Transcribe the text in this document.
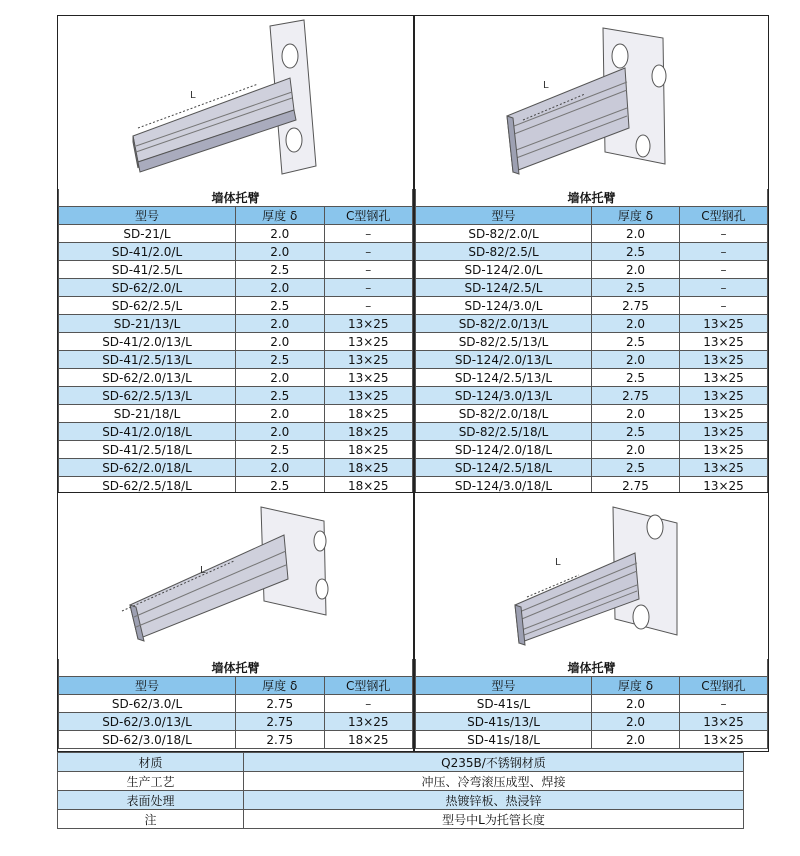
L
墙体托臂		
型号	厚度 δ	C型钢孔
SD-21/L	2.0	–
SD-41/2.0/L	2.0	–
SD-41/2.5/L	2.5	–
SD-62/2.0/L	2.0	–
SD-62/2.5/L	2.5	–
SD-21/13/L	2.0	13×25
SD-41/2.0/13/L	2.0	13×25
SD-41/2.5/13/L	2.5	13×25
SD-62/2.0/13/L	2.0	13×25
SD-62/2.5/13/L	2.5	13×25
SD-21/18/L	2.0	18×25
SD-41/2.0/18/L	2.0	18×25
SD-41/2.5/18/L	2.5	18×25
SD-62/2.0/18/L	2.0	18×25
SD-62/2.5/18/L	2.5	18×25
L
墙体托臂		
型号	厚度 δ	C型钢孔
SD-82/2.0/L	2.0	–
SD-82/2.5/L	2.5	–
SD-124/2.0/L	2.0	–
SD-124/2.5/L	2.5	–
SD-124/3.0/L	2.75	–
SD-82/2.0/13/L	2.0	13×25
SD-82/2.5/13/L	2.5	13×25
SD-124/2.0/13/L	2.0	13×25
SD-124/2.5/13/L	2.5	13×25
SD-124/3.0/13/L	2.75	13×25
SD-82/2.0/18/L	2.0	13×25
SD-82/2.5/18/L	2.5	13×25
SD-124/2.0/18/L	2.0	13×25
SD-124/2.5/18/L	2.5	13×25
SD-124/3.0/18/L	2.75	13×25
L
墙体托臂		
型号	厚度 δ	C型钢孔
SD-62/3.0/L	2.75	–
SD-62/3.0/13/L	2.75	13×25
SD-62/3.0/18/L	2.75	18×25
L
墙体托臂		
型号	厚度 δ	C型钢孔
SD-41s/L	2.0	–
SD-41s/13/L	2.0	13×25
SD-41s/18/L	2.0	13×25
材质	Q235B/不锈钢材质
生产工艺	冲压、冷弯滚压成型、焊接
表面处理	热镀锌板、热浸锌
注	型号中L为托管长度
